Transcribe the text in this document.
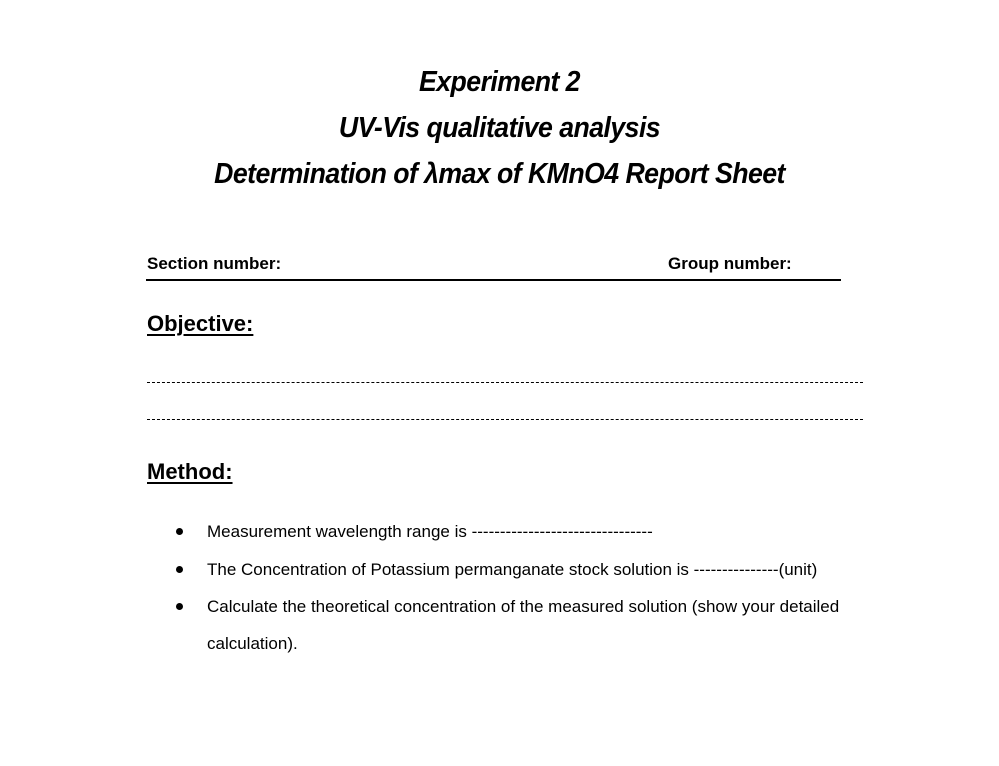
Experiment 2
UV-Vis qualitative analysis
Determination of λmax of KMnO4 Report Sheet
Section number:	Group number:
Objective:
Method:
Measurement wavelength range is --------------------------------
The Concentration of Potassium permanganate stock solution is ---------------(unit)
Calculate the theoretical concentration of the measured solution (show your detailed calculation).
